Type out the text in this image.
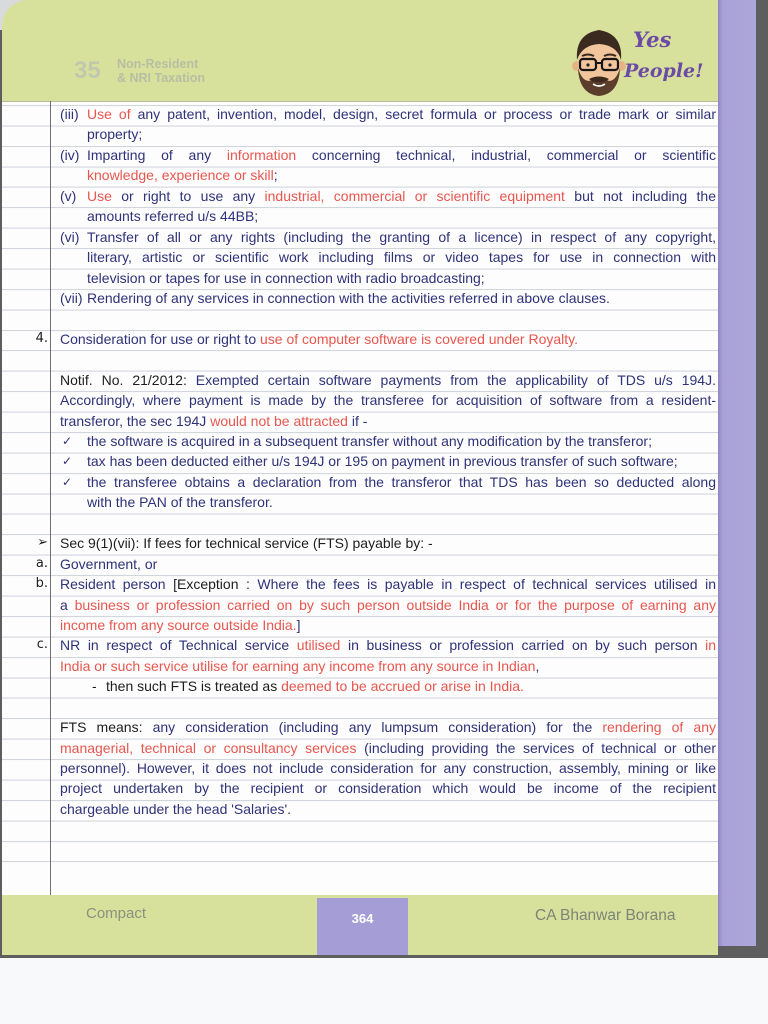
35 Non-Resident
& NRI Taxation
Yes
People!
(iii) Use of any patent, invention, model, design, secret formula or process or trade mark or similar
property;
(iv) Imparting of any information concerning technical, industrial, commercial or scientific
knowledge, experience or skill;
(v) Use or right to use any industrial, commercial or scientific equipment but not including the
amounts referred u/s 44BB;
(vi) Transfer of all or any rights (including the granting of a licence) in respect of any copyright,
literary, artistic or scientific work including films or video tapes for use in connection with
television or tapes for use in connection with radio broadcasting;
(vii) Rendering of any services in connection with the activities referred in above clauses.
4. Consideration for use or right to use of computer software is covered under Royalty.
Notif. No. 21/2012: Exempted certain software payments from the applicability of TDS u/s 194J.
Accordingly, where payment is made by the transferee for acquisition of software from a resident-
transferor, the sec 194J would not be attracted if -
✓ the software is acquired in a subsequent transfer without any modification by the transferor;
✓ tax has been deducted either u/s 194J or 195 on payment in previous transfer of such software;
✓ the transferee obtains a declaration from the transferor that TDS has been so deducted along
with the PAN of the transferor.
➢ Sec 9(1)(vii): If fees for technical service (FTS) payable by: -
a. Government, or
b. Resident person [Exception : Where the fees is payable in respect of technical services utilised in
a business or profession carried on by such person outside India or for the purpose of earning any
income from any source outside India.]
c. NR in respect of Technical service utilised in business or profession carried on by such person in
India or such service utilise for earning any income from any source in Indian,
- then such FTS is treated as deemed to be accrued or arise in India.
FTS means: any consideration (including any lumpsum consideration) for the rendering of any
managerial, technical or consultancy services (including providing the services of technical or other
personnel). However, it does not include consideration for any construction, assembly, mining or like
project undertaken by the recipient or consideration which would be income of the recipient
chargeable under the head 'Salaries'.
Compact	364	CA Bhanwar Borana
